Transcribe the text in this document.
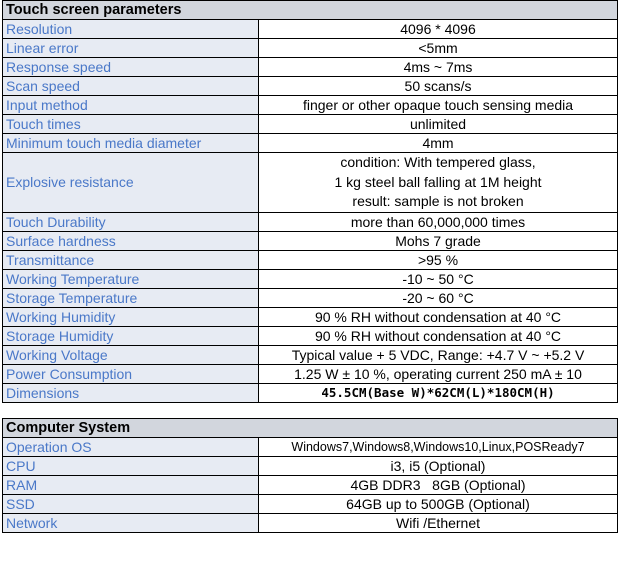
Touch screen parameters	
Resolution	4096 * 4096
Linear error	<5mm
Response speed	4ms ~ 7ms
Scan speed	50 scans/s
Input method	finger or other opaque touch sensing media
Touch times	unlimited
Minimum touch media diameter	4mm
Explosive resistance	condition: With tempered glass,
1 kg steel ball falling at 1M height
result: sample is not broken

Touch Durability	more than 60,000,000 times
Surface hardness	Mohs 7 grade
Transmittance	>95 %
Working Temperature	-10 ~ 50 °C
Storage Temperature	-20 ~ 60 °C
Working Humidity	90 % RH without condensation at 40 °C
Storage Humidity	90 % RH without condensation at 40 °C
Working Voltage	Typical value + 5 VDC, Range: +4.7 V ~ +5.2 V
Power Consumption	1.25 W ± 10 %, operating current 250 mA ± 10
Dimensions	45.5CM(Base W)*62CM(L)*180CM(H)

Computer System	
Operation OS	Windows7,Windows8,Windows10,Linux,POSReady7
CPU	i3, i5 (Optional)
RAM	4GB DDR3   8GB (Optional)
SSD	64GB up to 500GB (Optional)
Network	Wifi /Ethernet
